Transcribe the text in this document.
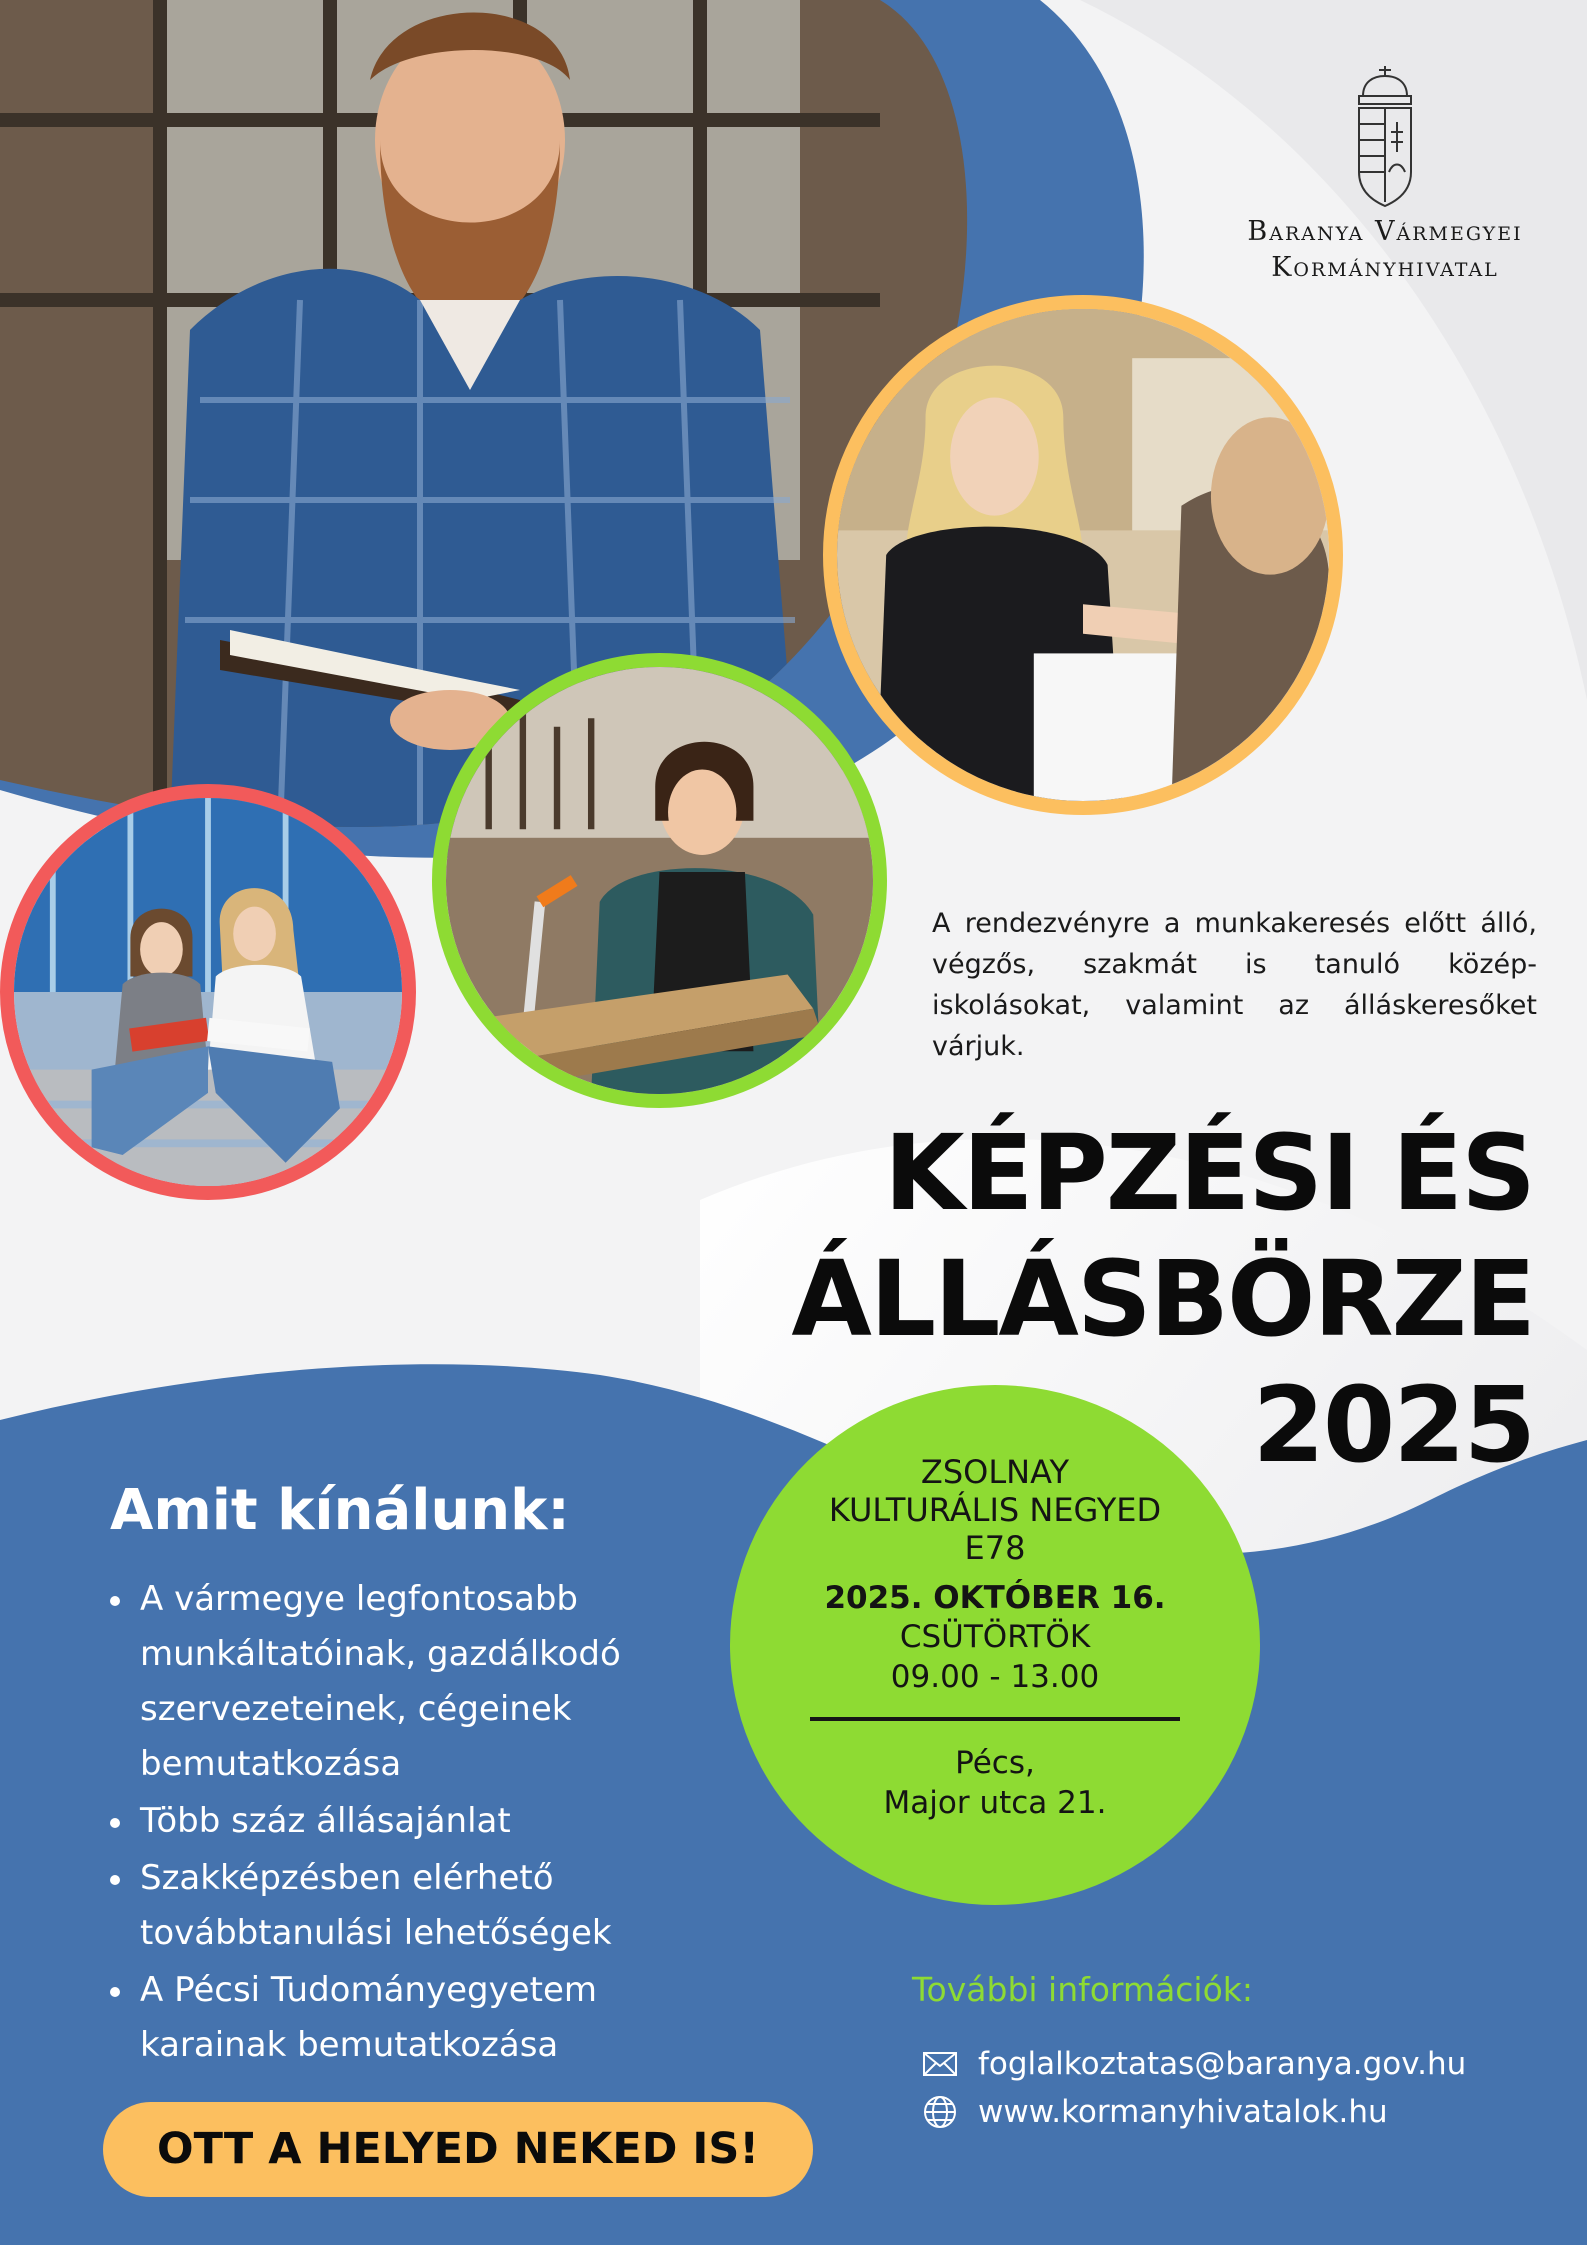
Baranya Vármegyei
Kormányhivatal

A rendezvényre a munkakeresés előtt álló, végzős, szakmát is tanuló közép-iskolásokat, valamint az álláskeresőket várjuk.

KÉPZÉSI ÉS
ÁLLÁSBÖRZE
2025
ZSOLNAY
KULTURÁLIS NEGYED
E78
2025. OKTÓBER 16.
CSÜTÖRTÖK
09.00 - 13.00
Pécs,
Major utca 21.
Amit kínálunk:
A vármegye legfontosabb munkáltatóinak, gazdálkodó szervezeteinek, cégeinek bemutatkozása
Több száz állásajánlat
Szakképzésben elérhető továbbtanulási lehetőségek
A Pécsi Tudományegyetem karainak bemutatkozása
OTT A HELYED NEKED IS!
További információk:
foglalkoztatas@baranya.gov.hu
www.kormanyhivatalok.hu
